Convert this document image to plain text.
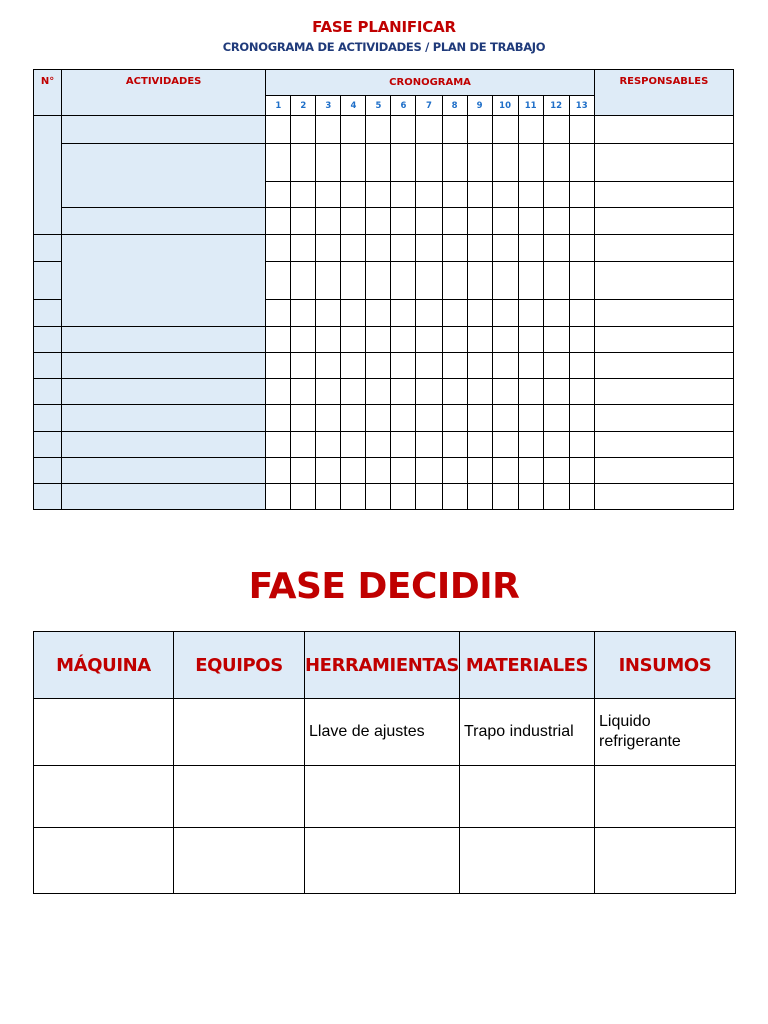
FASE PLANIFICAR
CRONOGRAMA DE ACTIVIDADES / PLAN DE TRABAJO
N°	ACTIVIDADES	CRONOGRAMA													RESPONSABLES
		1	2	3	4	5	6	7	8	9	10	11	12	13	

FASE DECIDIR
MÁQUINA	EQUIPOS	HERRAMIENTAS	MATERIALES	INSUMOS
		Llave de ajustes	Trapo industrial	Liquido refrigerante
